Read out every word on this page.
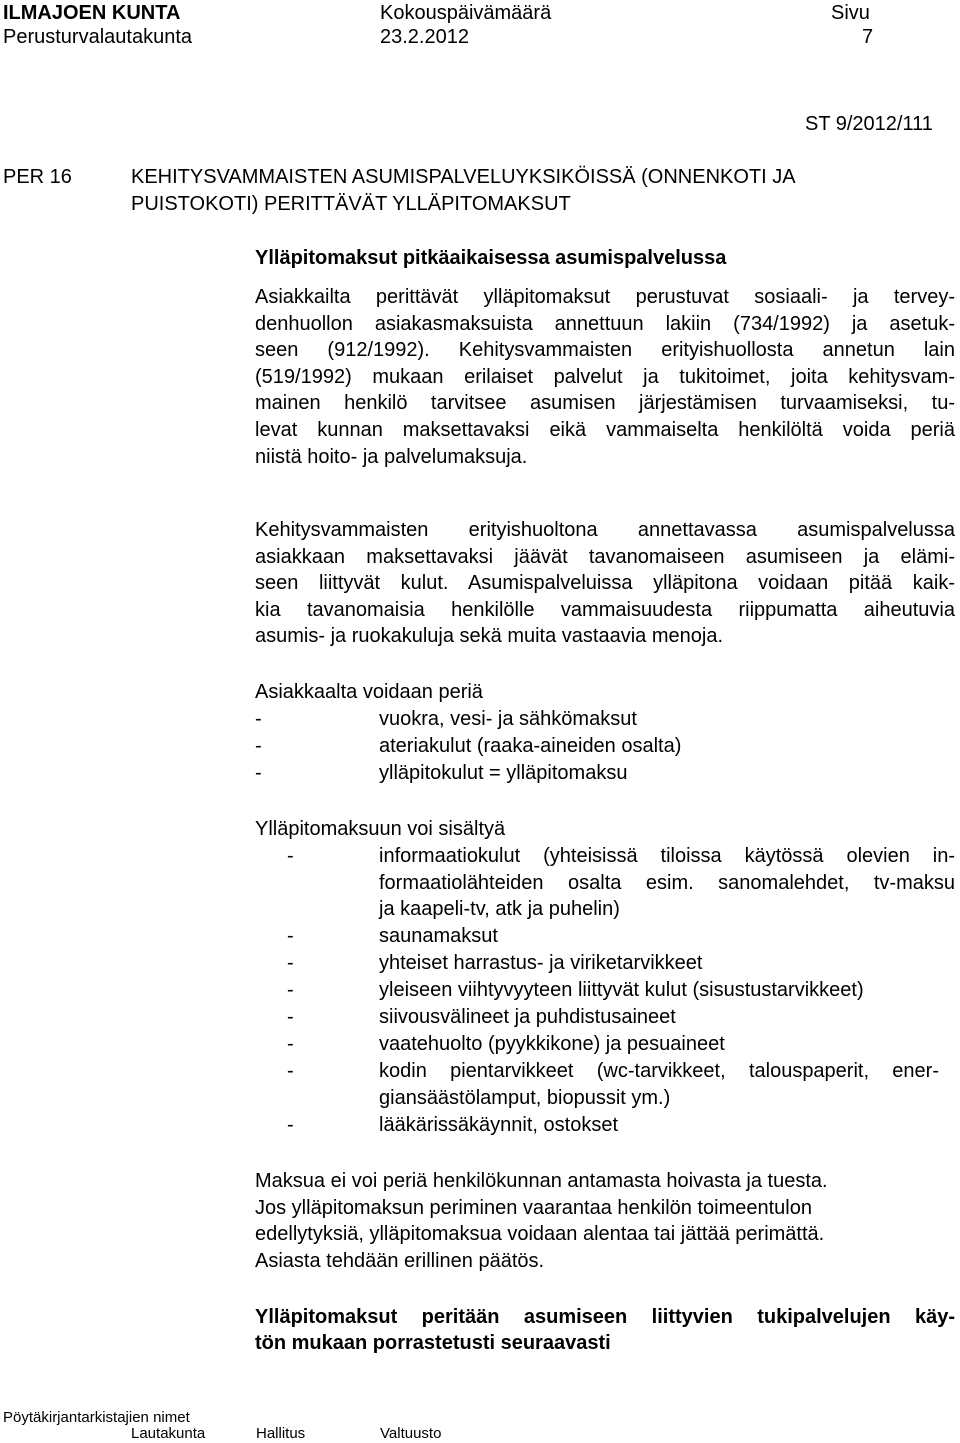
ILMAJOEN KUNTA
Perusturvalautakunta
Kokouspäivämäärä
23.2.2012
Sivu
7
ST 9/2012/111
PER 16	KEHITYSVAMMAISTEN ASUMISPALVELUYKSIKÖISSÄ (ONNENKOTI JA
PUISTOKOTI) PERITTÄVÄT YLLÄPITOMAKSUT
Ylläpitomaksut pitkäaikaisessa asumispalvelussa
Asiakkailta perittävät ylläpitomaksut perustuvat sosiaali- ja tervey-
denhuollon asiakasmaksuista annettuun lakiin (734/1992) ja asetuk-
seen (912/1992). Kehitysvammaisten erityishuollosta annetun lain
(519/1992) mukaan erilaiset palvelut ja tukitoimet, joita kehitysvam-
mainen henkilö tarvitsee asumisen järjestämisen turvaamiseksi, tu-
levat kunnan maksettavaksi eikä vammaiselta henkilöltä voida periä
niistä hoito- ja palvelumaksuja.
Kehitysvammaisten erityishuoltona annettavassa asumispalvelussa
asiakkaan maksettavaksi jäävät tavanomaiseen asumiseen ja elämi-
seen liittyvät kulut. Asumispalveluissa ylläpitona voidaan pitää kaik-
kia tavanomaisia henkilölle vammaisuudesta riippumatta aiheutuvia
asumis- ja ruokakuluja sekä muita vastaavia menoja.
Asiakkaalta voidaan periä
-	vuokra, vesi- ja sähkömaksut
-	ateriakulut (raaka-aineiden osalta)
-	ylläpitokulut = ylläpitomaksu
Ylläpitomaksuun voi sisältyä
-	informaatiokulut (yhteisissä tiloissa käytössä olevien in-
formaatiolähteiden osalta esim. sanomalehdet, tv-maksu
ja kaapeli-tv, atk ja puhelin)
-	saunamaksut
-	yhteiset harrastus- ja viriketarvikkeet
-	yleiseen viihtyvyyteen liittyvät kulut (sisustustarvikkeet)
-	siivousvälineet ja puhdistusaineet
-	vaatehuolto (pyykkikone) ja pesuaineet
-	kodin pientarvikkeet (wc-tarvikkeet, talouspaperit, ener-
giansäästölamput, biopussit ym.)
-	lääkärissäkäynnit, ostokset
Maksua ei voi periä henkilökunnan antamasta hoivasta ja tuesta.
Jos ylläpitomaksun periminen vaarantaa henkilön toimeentulon
edellytyksiä, ylläpitomaksua voidaan alentaa tai jättää perimättä.
Asiasta tehdään erillinen päätös.
Ylläpitomaksut peritään asumiseen liittyvien tukipalvelujen käy-
tön mukaan porrastetusti seuraavasti
Pöytäkirjantarkistajien nimet
Lautakunta	Hallitus	Valtuusto
